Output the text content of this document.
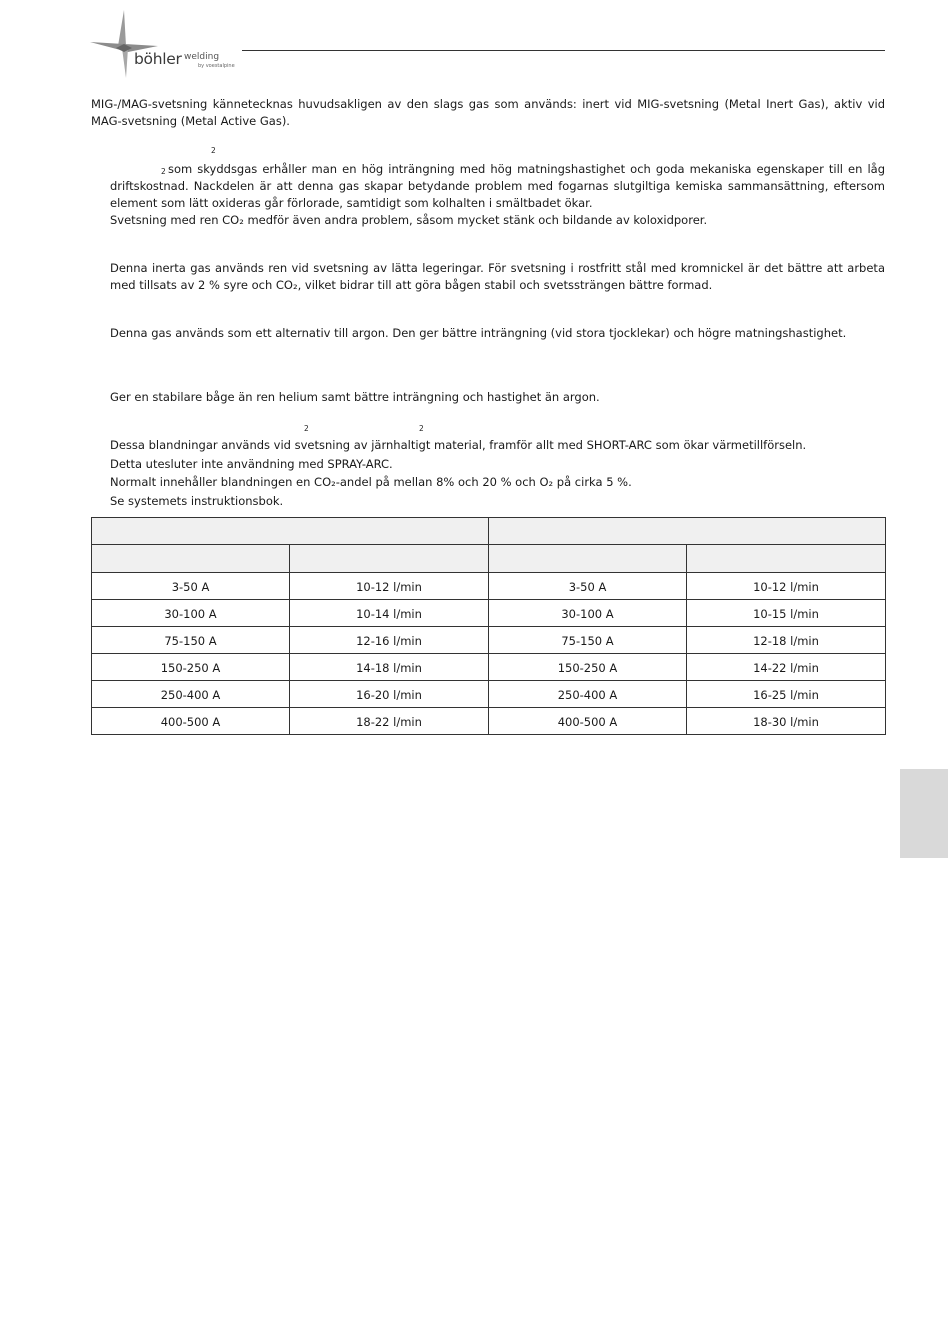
böhler welding
by voestalpine
MIG-/MAG-svetsning kännetecknas huvudsakligen av den slags gas som används: inert vid MIG-svetsning (Metal Inert Gas), aktiv vid MAG-svetsning (Metal Active Gas).
2
2 som skyddsgas erhåller man en hög inträngning med hög matningshastighet och goda mekaniska egenskaper till en låg driftskostnad. Nackdelen är att denna gas skapar betydande problem med fogarnas slutgiltiga kemiska sammansättning, eftersom element som lätt oxideras går förlorade, samtidigt som kolhalten i smältbadet ökar.
Svetsning med ren CO₂ medför även andra problem, såsom mycket stänk och bildande av koloxidporer.
Denna inerta gas används ren vid svetsning av lätta legeringar. För svetsning i rostfritt stål med kromnickel är det bättre att arbeta med tillsats av 2 % syre och CO₂, vilket bidrar till att göra bågen stabil och svetssträngen bättre formad.
Denna gas används som ett alternativ till argon. Den ger bättre inträngning (vid stora tjocklekar) och högre matningshastighet.
Ger en stabilare båge än ren helium samt bättre inträngning och hastighet än argon.
2	2
Dessa blandningar används vid svetsning av järnhaltigt material, framför allt med SHORT-ARC som ökar värmetillförseln.
Detta utesluter inte användning med SPRAY-ARC.
Normalt innehåller blandningen en CO₂-andel på mellan 8% och 20 % och O₂ på cirka 5 %.
Se systemets instruktionsbok.

3-50 A	10-12 l/min	3-50 A	10-12 l/min
30-100 A	10-14 l/min	30-100 A	10-15 l/min
75-150 A	12-16 l/min	75-150 A	12-18 l/min
150-250 A	14-18 l/min	150-250 A	14-22 l/min
250-400 A	16-20 l/min	250-400 A	16-25 l/min
400-500 A	18-22 l/min	400-500 A	18-30 l/min
